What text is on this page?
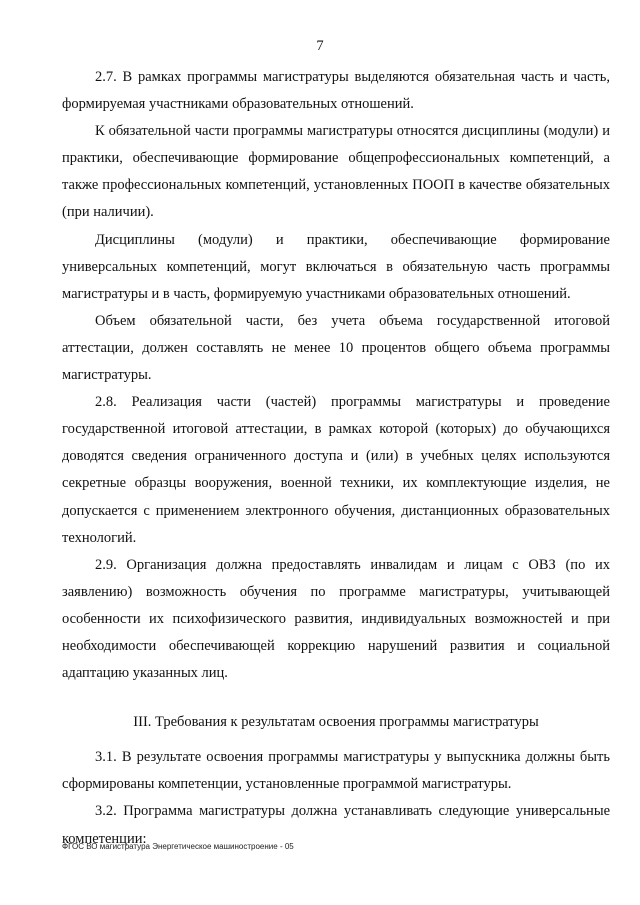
7

2.7. В рамках программы магистратуры выделяются обязательная часть и часть, формируемая участниками образовательных отношений.

К обязательной части программы магистратуры относятся дисциплины (модули) и практики, обеспечивающие формирование общепрофессиональных компетенций, а также профессиональных компетенций, установленных ПООП в качестве обязательных (при наличии).

Дисциплины (модули) и практики, обеспечивающие формирование универсальных компетенций, могут включаться в обязательную часть программы магистратуры и в часть, формируемую участниками образовательных отношений.

Объем обязательной части, без учета объема государственной итоговой аттестации, должен составлять не менее 10 процентов общего объема программы магистратуры.

2.8. Реализация части (частей) программы магистратуры и проведение государственной итоговой аттестации, в рамках которой (которых) до обучающихся доводятся сведения ограниченного доступа и (или) в учебных целях используются секретные образцы вооружения, военной техники, их комплектующие изделия, не допускается с применением электронного обучения, дистанционных образовательных технологий.

2.9. Организация должна предоставлять инвалидам и лицам с ОВЗ (по их заявлению) возможность обучения по программе магистратуры, учитывающей особенности их психофизического развития, индивидуальных возможностей и при необходимости обеспечивающей коррекцию нарушений развития и социальной адаптацию указанных лиц.

III. Требования к результатам освоения программы магистратуры

3.1. В результате освоения программы магистратуры у выпускника должны быть сформированы компетенции, установленные программой магистратуры.

3.2. Программа магистратуры должна устанавливать следующие универсальные компетенции:

ФГОС ВО магистратура Энергетическое машиностроение - 05
